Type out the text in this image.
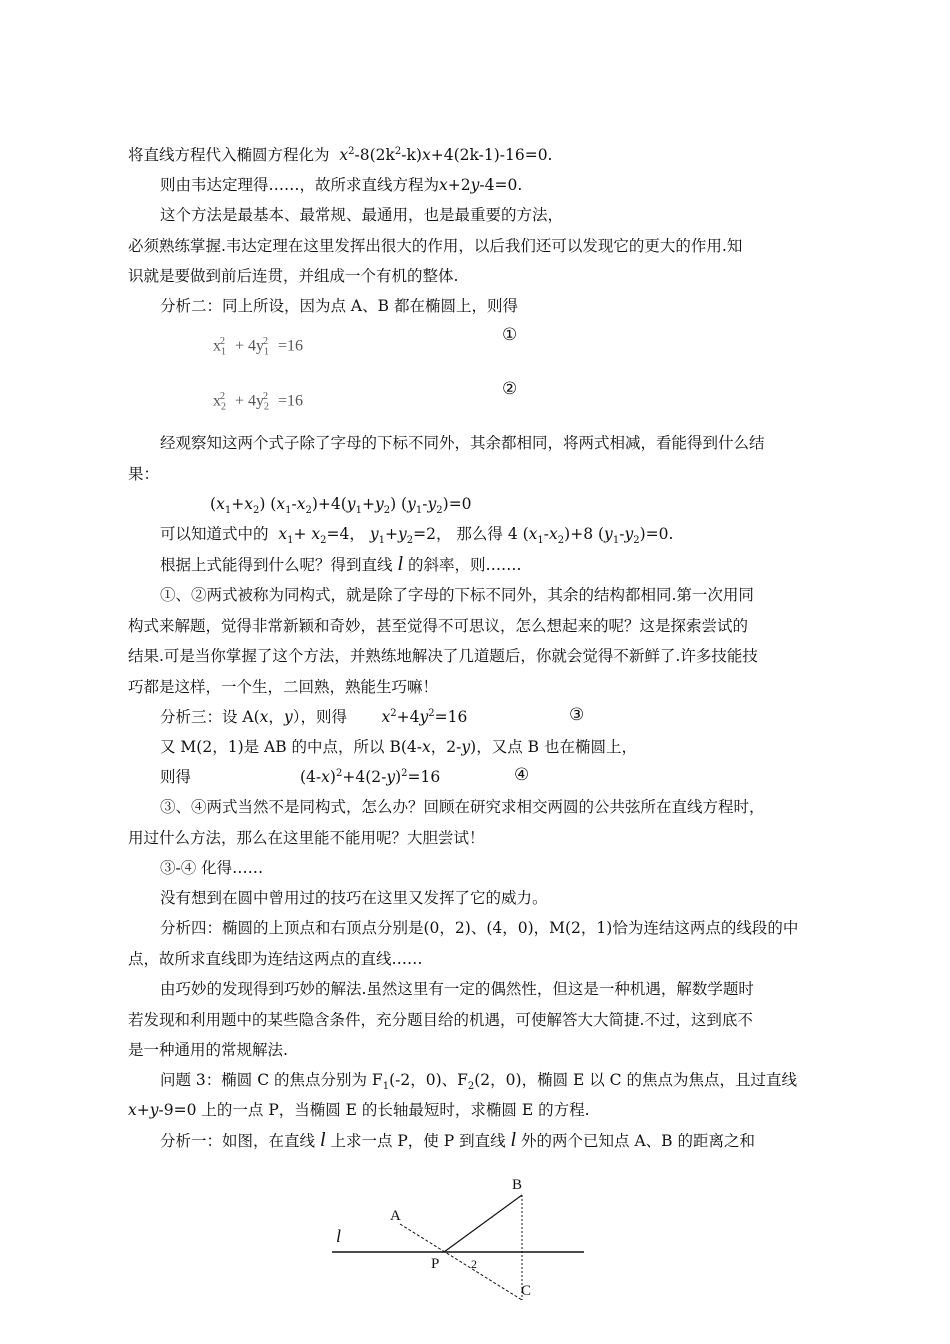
将直线方程代入椭圆方程化为 $x^2-8(2k^2-k)x+4(2k-1)-16=0$.
则由韦达定理得……，故所求直线方程为x+2y-4=0.
这个方法是最基本、最常规、最通用，也是最重要的方法，
必须熟练掌握.韦达定理在这里发挥出很大的作用，以后我们还可以发现它的更大的作用.知
识就是要做到前后连贯，并组成一个有机的整体.
分析二：同上所设，因为点 A、B 都在椭圆上，则得
$x_1^2 + 4y_1^2 =16$
①
$x_2^2 + 4y_2^2 =16$
②
经观察知这两个式子除了字母的下标不同外，其余都相同，将两式相减，看能得到什么结
果：
$(x_1+x_2)$ $(x_1-x_2)+4(y_1+y_2)$ $(y_1-y_2)=0$
可以知道式中的 $x_1+ x_2=4$， $y_1+y_2=2$， 那么得 4 $(x_1-x_2)+8$ $(y_1-y_2)=0$.
根据上式能得到什么呢？得到直线 l 的斜率，则…….
①、②两式被称为同构式，就是除了字母的下标不同外，其余的结构都相同.第一次用同
构式来解题，觉得非常新颖和奇妙，甚至觉得不可思议，怎么想起来的呢？这是探索尝试的
结果.可是当你掌握了这个方法，并熟练地解决了几道题后，你就会觉得不新鲜了.许多技能技
巧都是这样，一个生，二回熟，熟能生巧嘛！
分析三：设 A(x，y），则得 $x^2+4y^2=16$	③
又 M(2，1)是 AB 的中点，所以 B(4-x，2-y)，又点 B 也在椭圆上，
则得	$(4-x)^2+4(2-y)^2=16$	④
③、④两式当然不是同构式，怎么办？回顾在研究求相交两圆的公共弦所在直线方程时，
用过什么方法，那么在这里能不能用呢？大胆尝试！
③-④ 化得……
没有想到在圆中曾用过的技巧在这里又发挥了它的威力。
分析四：椭圆的上顶点和右顶点分别是(0，2)、(4，0)，M(2，1)恰为连结这两点的线段的中
点，故所求直线即为连结这两点的直线……
由巧妙的发现得到巧妙的解法.虽然这里有一定的偶然性，但这是一种机遇，解数学题时
若发现和利用题中的某些隐含条件，充分题目给的机遇，可使解答大大简捷.不过，这到底不
是一种通用的常规解法.
问题 3：椭圆 C 的焦点分别为 $F_1(-2$，0)、$F_2(2$，0)，椭圆 E 以 C 的焦点为焦点，且过直线
x+y-9=0 上的一点 P，当椭圆 E 的长轴最短时，求椭圆 E 的方程.
分析一：如图，在直线 l 上求一点 P，使 P 到直线 l 外的两个已知点 A、B 的距离之和
B
A
l
P	2
C
